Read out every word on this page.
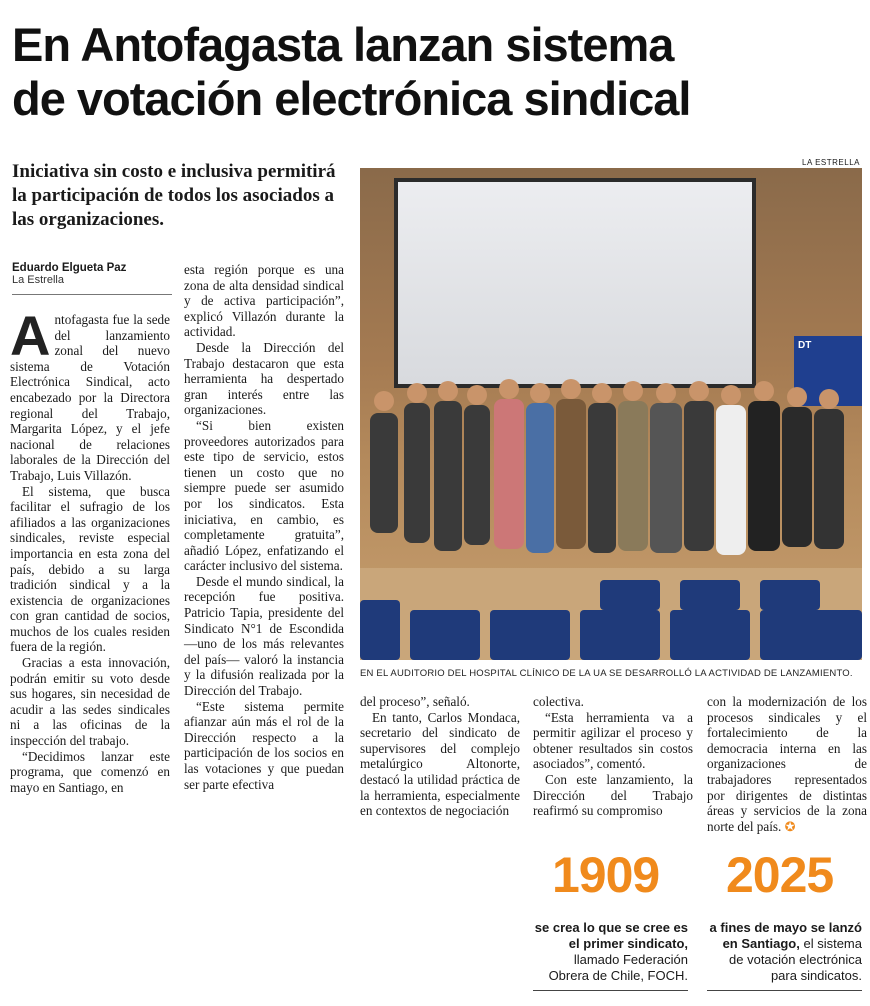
En Antofagasta lanzan sistema
de votación electrónica sindical
Iniciativa sin costo e inclusiva permitirá la participación de todos los asociados a las organizaciones.
Eduardo Elgueta Paz
La Estrella
LA ESTRELLA
DT
EN EL AUDITORIO DEL HOSPITAL CLÍNICO DE LA UA SE DESARROLLÓ LA ACTIVIDAD DE LANZAMIENTO.

Antofagasta fue la sede del lanzamiento zonal del nuevo sistema de Votación Electrónica Sindical, acto encabezado por la Directora regional del Trabajo, Margarita López, y el jefe nacional de relaciones laborales de la Dirección del Trabajo, Luis Villazón.

El sistema, que busca facilitar el sufragio de los afiliados a las organizaciones sindicales, reviste especial importancia en esta zona del país, debido a su larga tradición sindical y a la existencia de organizaciones con gran cantidad de socios, muchos de los cuales residen fuera de la región.

Gracias a esta innovación, podrán emitir su voto desde sus hogares, sin necesidad de acudir a las sedes sindicales ni a las oficinas de la inspección del trabajo.

“Decidimos lanzar este programa, que comenzó en mayo en Santiago, en

esta región porque es una zona de alta densidad sindical y de activa participación”, explicó Villazón durante la actividad.

Desde la Dirección del Trabajo destacaron que esta herramienta ha despertado gran interés entre las organizaciones.

“Si bien existen proveedores autorizados para este tipo de servicio, estos tienen un costo que no siempre puede ser asumido por los sindicatos. Esta iniciativa, en cambio, es completamente gratuita”, añadió López, enfatizando el carácter inclusivo del sistema.

Desde el mundo sindical, la recepción fue positiva. Patricio Tapia, presidente del Sindicato N°1 de Escondida —uno de los más relevantes del país— valoró la instancia y la difusión realizada por la Dirección del Trabajo.

“Este sistema permite afianzar aún más el rol de la Dirección respecto a la participación de los socios en las votaciones y que puedan ser parte efectiva

del proceso”, señaló.

En tanto, Carlos Mondaca, secretario del sindicato de supervisores del complejo metalúrgico Altonorte, destacó la utilidad práctica de la herramienta, especialmente en contextos de negociación

colectiva.

“Esta herramienta va a permitir agilizar el proceso y obtener resultados sin costos asociados”, comentó.

Con este lanzamiento, la Dirección del Trabajo reafirmó su compromiso

con la modernización de los procesos sindicales y el fortalecimiento de la democracia interna en las organizaciones de trabajadores representados por dirigentes de distintas áreas y servicios de la zona norte del país. ✪

1909 2025
se crea lo que se cree es el primer sindicato, llamado Federación Obrera de Chile, FOCH.
a fines de mayo se lanzó en Santiago, el sistema de votación electrónica para sindicatos.
